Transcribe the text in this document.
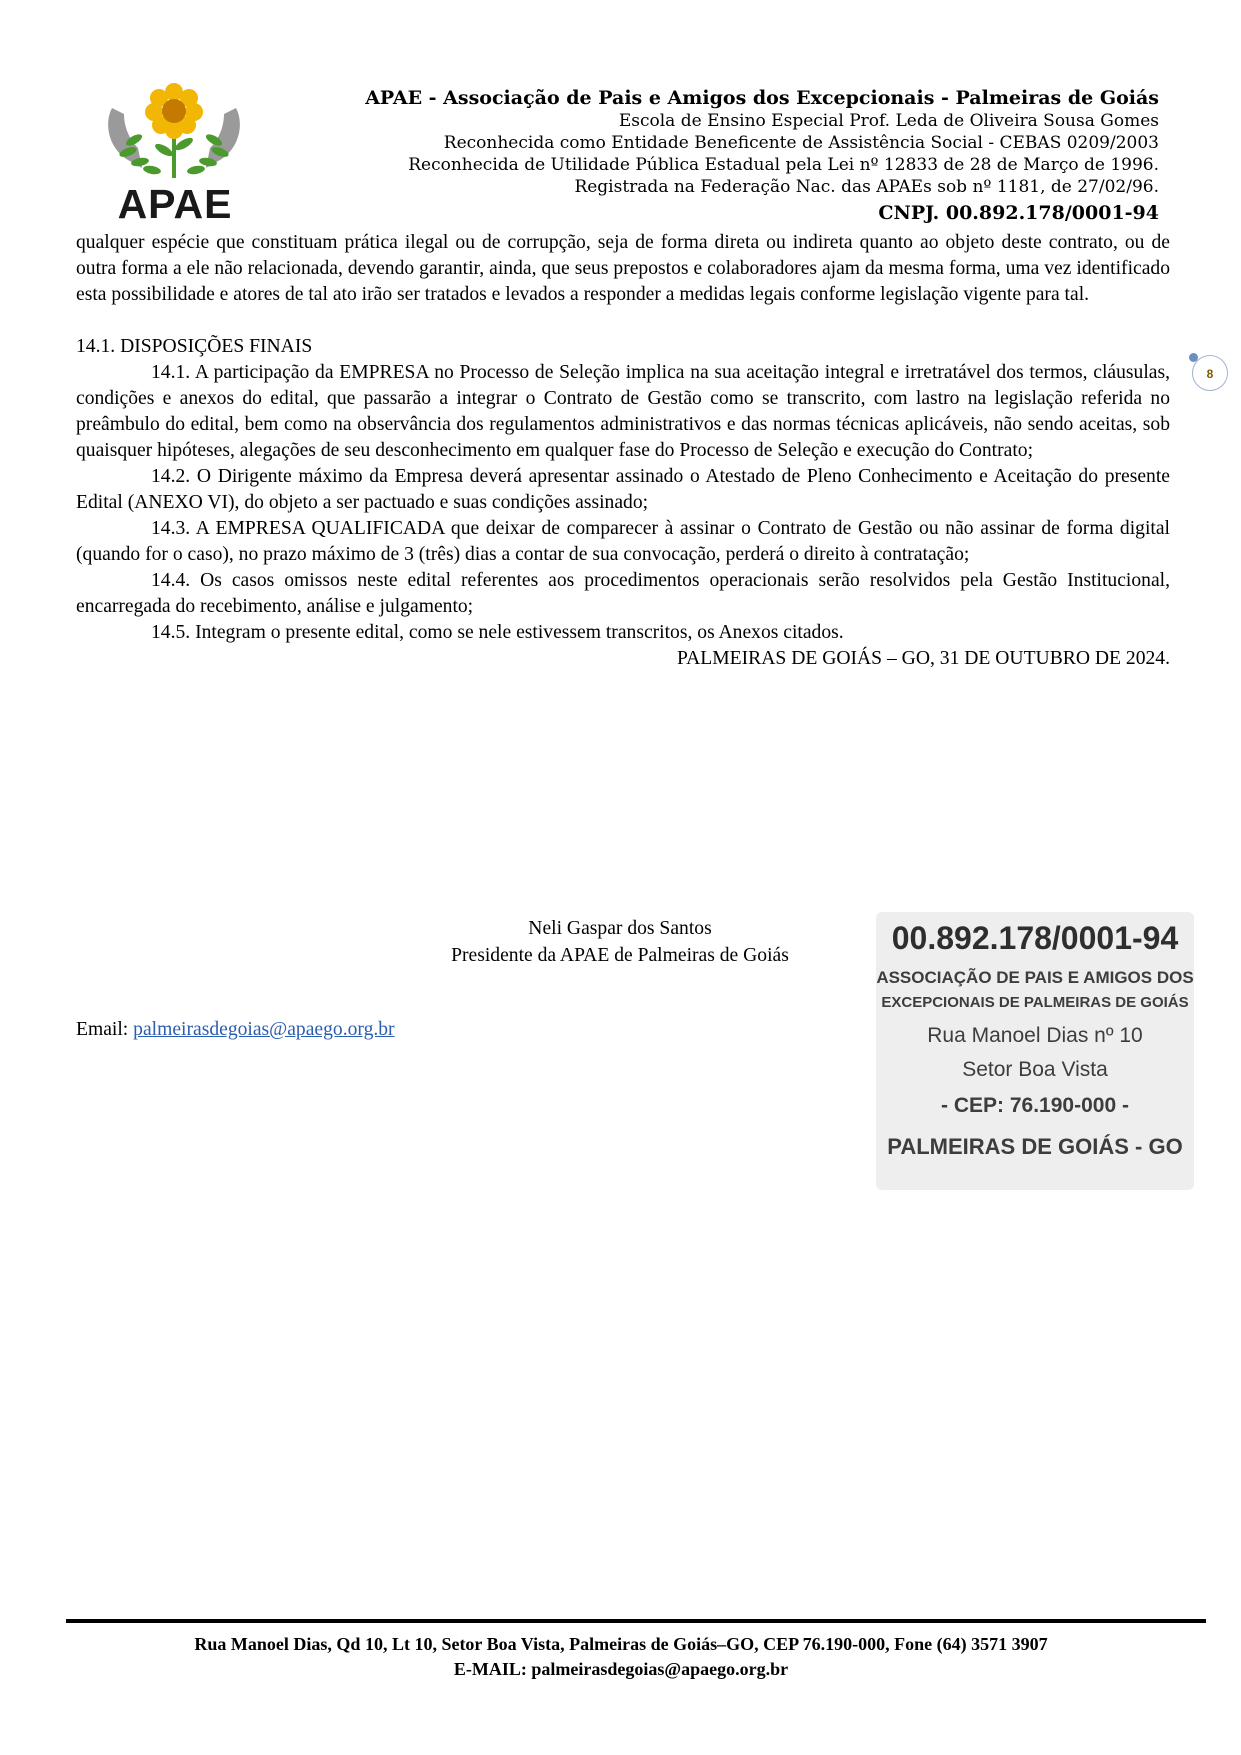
APAE
APAE - Associação de Pais e Amigos dos Excepcionais - Palmeiras de Goiás
Escola de Ensino Especial Prof. Leda de Oliveira Sousa Gomes
Reconhecida como Entidade Beneficente de Assistência Social - CEBAS 0209/2003
Reconhecida de Utilidade Pública Estadual pela Lei nº 12833 de 28 de Março de 1996.
Registrada na Federação Nac. das APAEs sob nº 1181, de 27/02/96.
CNPJ. 00.892.178/0001-94
8

qualquer espécie que constituam prática ilegal ou de corrupção, seja de forma direta ou indireta quanto ao objeto deste contrato, ou de outra forma a ele não relacionada, devendo garantir, ainda, que seus prepostos e colaboradores ajam da mesma forma, uma vez identificado esta possibilidade e atores de tal ato irão ser tratados e levados a responder a medidas legais conforme legislação vigente para tal.

14.1. DISPOSIÇÕES FINAIS

14.1. A participação da EMPRESA no Processo de Seleção implica na sua aceitação integral e irretratável dos termos, cláusulas, condições e anexos do edital, que passarão a integrar o Contrato de Gestão como se transcrito, com lastro na legislação referida no preâmbulo do edital, bem como na observância dos regulamentos administrativos e das normas técnicas aplicáveis, não sendo aceitas, sob quaisquer hipóteses, alegações de seu desconhecimento em qualquer fase do Processo de Seleção e execução do Contrato;

14.2. O Dirigente máximo da Empresa deverá apresentar assinado o Atestado de Pleno Conhecimento e Aceitação do presente Edital (ANEXO VI), do objeto a ser pactuado e suas condições assinado;

14.3. A EMPRESA QUALIFICADA que deixar de comparecer à assinar o Contrato de Gestão ou não assinar de forma digital (quando for o caso), no prazo máximo de 3 (três) dias a contar de sua convocação, perderá o direito à contratação;

14.4. Os casos omissos neste edital referentes aos procedimentos operacionais serão resolvidos pela Gestão Institucional, encarregada do recebimento, análise e julgamento;

14.5. Integram o presente edital, como se nele estivessem transcritos, os Anexos citados.

PALMEIRAS DE GOIÁS – GO, 31 DE OUTUBRO DE 2024.

Neli Gaspar dos Santos
Presidente da APAE de Palmeiras de Goiás
Email: palmeirasdegoias@apaego.org.br
00.892.178/0001-94
ASSOCIAÇÃO DE PAIS E AMIGOS DOS
EXCEPCIONAIS DE PALMEIRAS DE GOIÁS
Rua Manoel Dias nº 10
Setor Boa Vista
- CEP: 76.190-000 -
PALMEIRAS DE GOIÁS - GO
Rua Manoel Dias, Qd 10, Lt 10, Setor Boa Vista, Palmeiras de Goiás–GO, CEP 76.190-000, Fone (64) 3571 3907
E-MAIL: palmeirasdegoias@apaego.org.br
